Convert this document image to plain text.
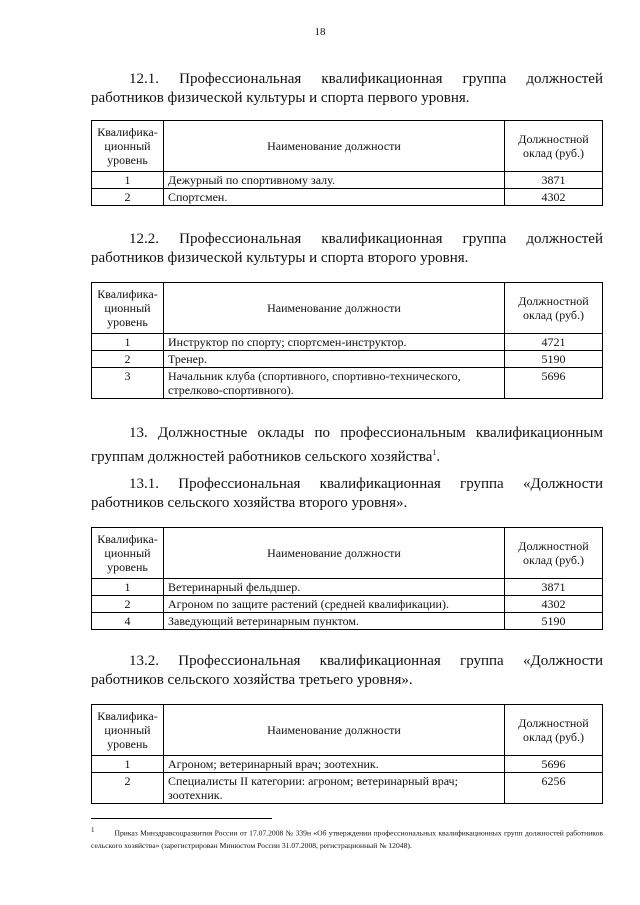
18
12.1. Профессиональная квалификационная группа должностей работников физической культуры и спорта первого уровня.
Квалифика-
ционный
уровень	Наименование должности	Должностной
оклад (руб.)
1	Дежурный по спортивному залу.	3871
2	Спортсмен.	4302
12.2. Профессиональная квалификационная группа должностей работников физической культуры и спорта второго уровня.
Квалифика-
ционный
уровень	Наименование должности	Должностной
оклад (руб.)
1	Инструктор по спорту; спортсмен-инструктор.	4721
2	Тренер.	5190
3	Начальник клуба (спортивного, спортивно-технического, стрелково-спортивного).	5696
13. Должностные оклады по профессиональным квалификационным группам должностей работников сельского хозяйства$^1$.
13.1. Профессиональная квалификационная группа «Должности работников сельского хозяйства второго уровня».
Квалифика-
ционный
уровень	Наименование должности	Должностной
оклад (руб.)
1	Ветеринарный фельдшер.	3871
2	Агроном по защите растений (средней квалификации).	4302
4	Заведующий ветеринарным пунктом.	5190
13.2. Профессиональная квалификационная группа «Должности работников сельского хозяйства третьего уровня».
Квалифика-
ционный
уровень	Наименование должности	Должностной
оклад (руб.)
1	Агроном; ветеринарный врач; зоотехник.	5696
2	Специалисты II категории: агроном; ветеринарный врач; зоотехник.	6256
$^1$	Приказ Минздравсоцразвития России от 17.07.2008 № 339н «Об утверждении профессиональных квалификационных групп должностей работников сельского хозяйства» (зарегистрирован Минюстом России 31.07.2008, регистрационный № 12048).
